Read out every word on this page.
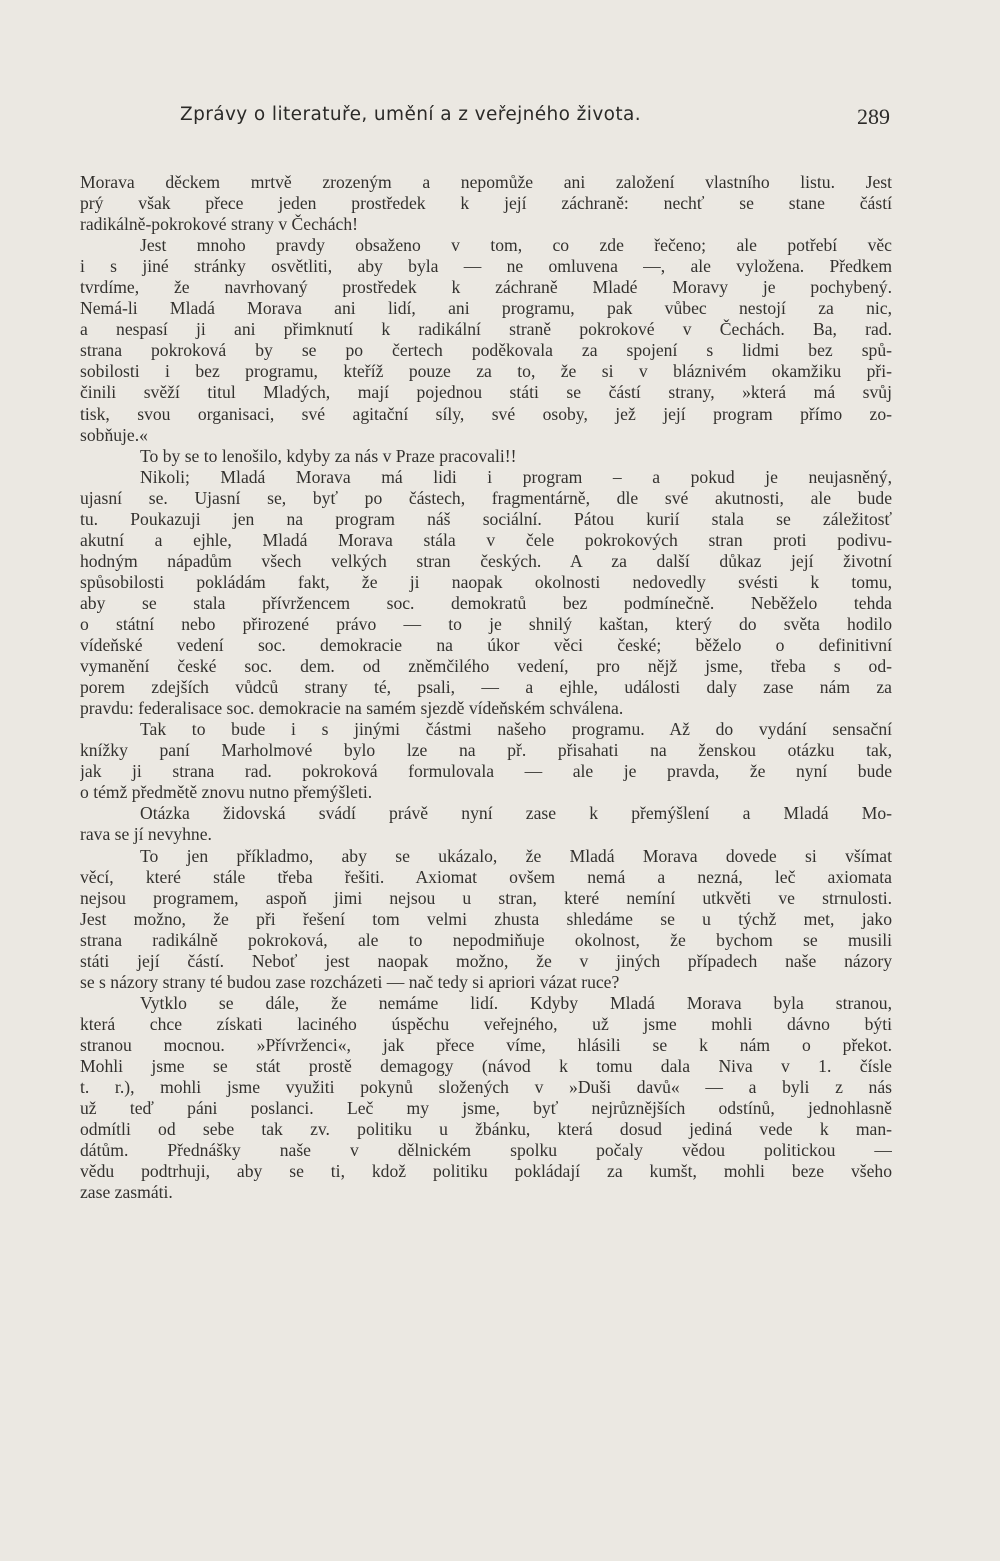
Zprávy o literatuře, umění a z veřejného života.	289
Morava děckem mrtvě zrozeným a nepomůže ani založení vlastního listu. Jest
prý však přece jeden prostředek k její záchraně: nechť se stane částí
radikálně-pokrokové strany v Čechách!
Jest mnoho pravdy obsaženo v tom, co zde řečeno; ale potřebí věc
i s jiné stránky osvětliti, aby byla — ne omluvena —, ale vyložena. Předkem
tvrdíme, že navrhovaný prostředek k záchraně Mladé Moravy je pochybený.
Nemá-li Mladá Morava ani lidí, ani programu, pak vůbec nestojí za nic,
a nespasí ji ani přimknutí k radikální straně pokrokové v Čechách. Ba, rad.
strana pokroková by se po čertech poděkovala za spojení s lidmi bez spů-
sobilosti i bez programu, kteříž pouze za to, že si v bláznivém okamžiku při-
činili svěží titul Mladých, mají pojednou státi se částí strany, »která má svůj
tisk, svou organisaci, své agitační síly, své osoby, jež její program přímo zo-
sobňuje.«
To by se to lenošilo, kdyby za nás v Praze pracovali!!
Nikoli; Mladá Morava má lidi i program – a pokud je neujasněný,
ujasní se. Ujasní se, byť po částech, fragmentárně, dle své akutnosti, ale bude
tu. Poukazuji jen na program náš sociální. Pátou kurií stala se záležitosť
akutní a ejhle, Mladá Morava stála v čele pokrokových stran proti podivu-
hodným nápadům všech velkých stran českých. A za další důkaz její životní
spůsobilosti pokládám fakt, že ji naopak okolnosti nedovedly svésti k tomu,
aby se stala přívržencem soc. demokratů bez podmínečně. Neběželo tehda
o státní nebo přirozené právo — to je shnilý kaštan, který do světa hodilo
vídeňské vedení soc. demokracie na úkor věci české; běželo o definitivní
vymanění české soc. dem. od zněmčilého vedení, pro nějž jsme, třeba s od-
porem zdejších vůdců strany té, psali, — a ejhle, události daly zase nám za
pravdu: federalisace soc. demokracie na samém sjezdě vídeňském schválena.
Tak to bude i s jinými částmi našeho programu. Až do vydání sensační
knížky paní Marholmové bylo lze na př. přisahati na ženskou otázku tak,
jak ji strana rad. pokroková formulovala — ale je pravda, že nyní bude
o témž předmětě znovu nutno přemýšleti.
Otázka židovská svádí právě nyní zase k přemýšlení a Mladá Mo-
rava se jí nevyhne.
To jen příkladmo, aby se ukázalo, že Mladá Morava dovede si všímat
věcí, které stále třeba řešiti. Axiomat ovšem nemá a nezná, leč axiomata
nejsou programem, aspoň jimi nejsou u stran, které nemíní utkvěti ve strnulosti.
Jest možno, že při řešení tom velmi zhusta shledáme se u týchž met, jako
strana radikálně pokroková, ale to nepodmiňuje okolnost, že bychom se musili
státi její částí. Neboť jest naopak možno, že v jiných případech naše názory
se s názory strany té budou zase rozcházeti — nač tedy si apriori vázat ruce?
Vytklo se dále, že nemáme lidí. Kdyby Mladá Morava byla stranou,
která chce získati laciného úspěchu veřejného, už jsme mohli dávno býti
stranou mocnou. »Přívrženci«, jak přece víme, hlásili se k nám o překot.
Mohli jsme se stát prostě demagogy (návod k tomu dala Niva v 1. čísle
t. r.), mohli jsme využiti pokynů složených v »Duši davů« — a byli z nás
už teď páni poslanci. Leč my jsme, byť nejrůznějších odstínů, jednohlasně
odmítli od sebe tak zv. politiku u žbánku, která dosud jediná vede k man-
dátům. Přednášky naše v dělnickém spolku počaly vědou politickou —
vědu podtrhuji, aby se ti, kdož politiku pokládají za kumšt, mohli beze všeho
zase zasmáti.
